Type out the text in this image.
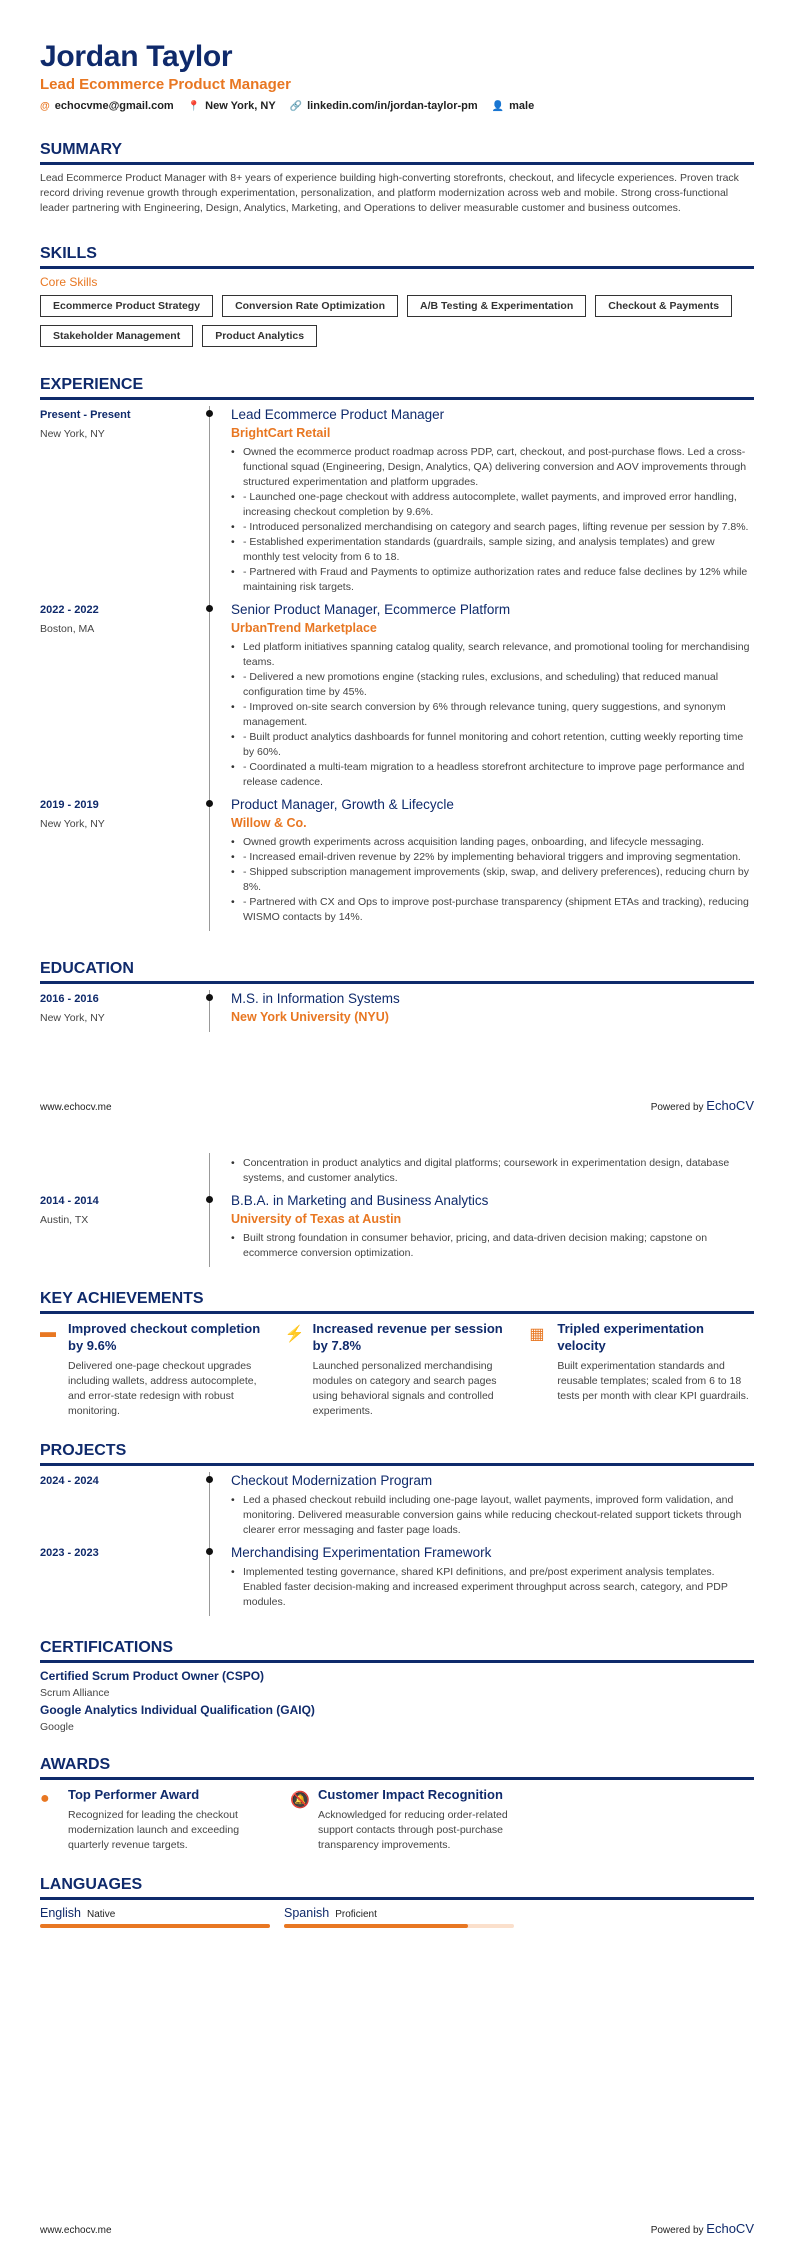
Jordan Taylor
Lead Ecommerce Product Manager
@ echocvme@gmail.com 📍 New York, NY 🔗 linkedin.com/in/jordan-taylor-pm 👤 male
SUMMARY
Lead Ecommerce Product Manager with 8+ years of experience building high-converting storefronts, checkout, and lifecycle experiences. Proven track record driving revenue growth through experimentation, personalization, and platform modernization across web and mobile. Strong cross-functional leader partnering with Engineering, Design, Analytics, Marketing, and Operations to deliver measurable customer and business outcomes.
SKILLS
Core Skills
Ecommerce Product Strategy	Conversion Rate Optimization	A/B Testing & Experimentation	Checkout & Payments
Stakeholder Management	Product Analytics
EXPERIENCE
Present - Present
New York, NY
Lead Ecommerce Product Manager
BrightCart Retail
• Owned the ecommerce product roadmap across PDP, cart, checkout, and post-purchase flows. Led a cross-functional squad (Engineering, Design, Analytics, QA) delivering conversion and AOV improvements through structured experimentation and platform upgrades.
• - Launched one-page checkout with address autocomplete, wallet payments, and improved error handling, increasing checkout completion by 9.6%.
• - Introduced personalized merchandising on category and search pages, lifting revenue per session by 7.8%.
• - Established experimentation standards (guardrails, sample sizing, and analysis templates) and grew monthly test velocity from 6 to 18.
• - Partnered with Fraud and Payments to optimize authorization rates and reduce false declines by 12% while maintaining risk targets.
2022 - 2022
Boston, MA
Senior Product Manager, Ecommerce Platform
UrbanTrend Marketplace
• Led platform initiatives spanning catalog quality, search relevance, and promotional tooling for merchandising teams.
• - Delivered a new promotions engine (stacking rules, exclusions, and scheduling) that reduced manual configuration time by 45%.
• - Improved on-site search conversion by 6% through relevance tuning, query suggestions, and synonym management.
• - Built product analytics dashboards for funnel monitoring and cohort retention, cutting weekly reporting time by 60%.
• - Coordinated a multi-team migration to a headless storefront architecture to improve page performance and release cadence.
2019 - 2019
New York, NY
Product Manager, Growth & Lifecycle
Willow & Co.
• Owned growth experiments across acquisition landing pages, onboarding, and lifecycle messaging.
• - Increased email-driven revenue by 22% by implementing behavioral triggers and improving segmentation.
• - Shipped subscription management improvements (skip, swap, and delivery preferences), reducing churn by 8%.
• - Partnered with CX and Ops to improve post-purchase transparency (shipment ETAs and tracking), reducing WISMO contacts by 14%.
EDUCATION
2016 - 2016
New York, NY
M.S. in Information Systems
New York University (NYU)
www.echocv.me	Powered by EchoCV
• Concentration in product analytics and digital platforms; coursework in experimentation design, database systems, and customer analytics.
2014 - 2014
Austin, TX
B.B.A. in Marketing and Business Analytics
University of Texas at Austin
• Built strong foundation in consumer behavior, pricing, and data-driven decision making; capstone on ecommerce conversion optimization.
KEY ACHIEVEMENTS
▬ Improved checkout completion by 9.6%
Delivered one-page checkout upgrades including wallets, address autocomplete, and error-state redesign with robust monitoring.
⚡ Increased revenue per session by 7.8%
Launched personalized merchandising modules on category and search pages using behavioral signals and controlled experiments.
▦ Tripled experimentation velocity
Built experimentation standards and reusable templates; scaled from 6 to 18 tests per month with clear KPI guardrails.
PROJECTS
2024 - 2024	Checkout Modernization Program
• Led a phased checkout rebuild including one-page layout, wallet payments, improved form validation, and monitoring. Delivered measurable conversion gains while reducing checkout-related support tickets through clearer error messaging and faster page loads.
2023 - 2023	Merchandising Experimentation Framework
• Implemented testing governance, shared KPI definitions, and pre/post experiment analysis templates. Enabled faster decision-making and increased experiment throughput across search, category, and PDP modules.
CERTIFICATIONS
Certified Scrum Product Owner (CSPO)
Scrum Alliance
Google Analytics Individual Qualification (GAIQ)
Google
AWARDS
●	Top Performer Award
Recognized for leading the checkout modernization launch and exceeding quarterly revenue targets.
🔕 Customer Impact Recognition
Acknowledged for reducing order-related support contacts through post-purchase transparency improvements.
LANGUAGES
English Native	Spanish Proficient
www.echocv.me	Powered by EchoCV
